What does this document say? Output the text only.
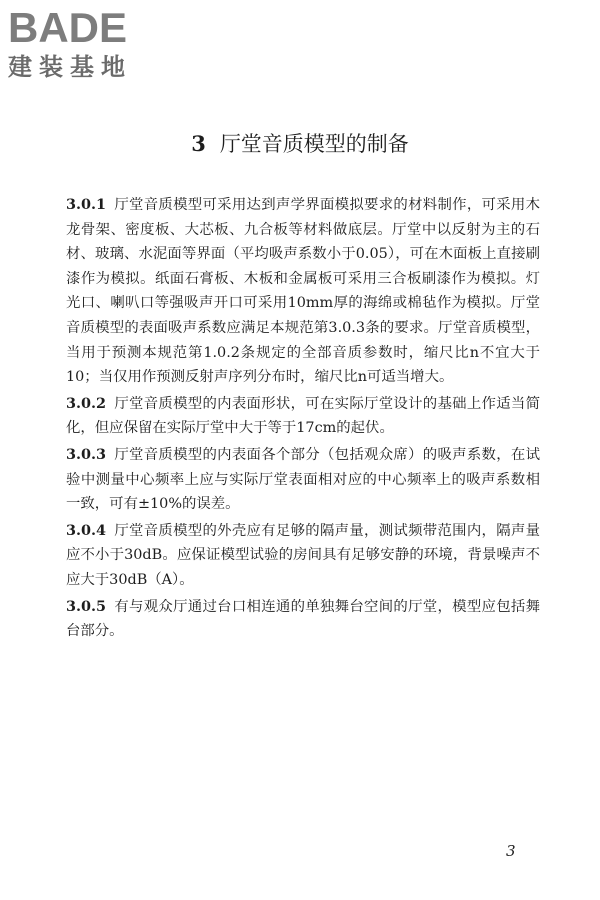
BADE
建装基地
3 厅堂音质模型的制备

3.0.1 厅堂音质模型可采用达到声学界面模拟要求的材料制作，可采用木龙骨架、密度板、大芯板、九合板等材料做底层。厅堂中以反射为主的石材、玻璃、水泥面等界面（平均吸声系数小于0.05），可在木面板上直接刷漆作为模拟。纸面石膏板、木板和金属板可采用三合板刷漆作为模拟。灯光口、喇叭口等强吸声开口可采用10mm厚的海绵或棉毡作为模拟。厅堂音质模型的表面吸声系数应满足本规范第3.0.3条的要求。厅堂音质模型，当用于预测本规范第1.0.2条规定的全部音质参数时，缩尺比n不宜大于10；当仅用作预测反射声序列分布时，缩尺比n可适当增大。

3.0.2 厅堂音质模型的内表面形状，可在实际厅堂设计的基础上作适当简化，但应保留在实际厅堂中大于等于17cm的起伏。

3.0.3 厅堂音质模型的内表面各个部分（包括观众席）的吸声系数，在试验中测量中心频率上应与实际厅堂表面相对应的中心频率上的吸声系数相一致，可有±10%的误差。

3.0.4 厅堂音质模型的外壳应有足够的隔声量，测试频带范围内，隔声量应不小于30dB。应保证模型试验的房间具有足够安静的环境，背景噪声不应大于30dB（A）。

3.0.5 有与观众厅通过台口相连通的单独舞台空间的厅堂，模型应包括舞台部分。

3
